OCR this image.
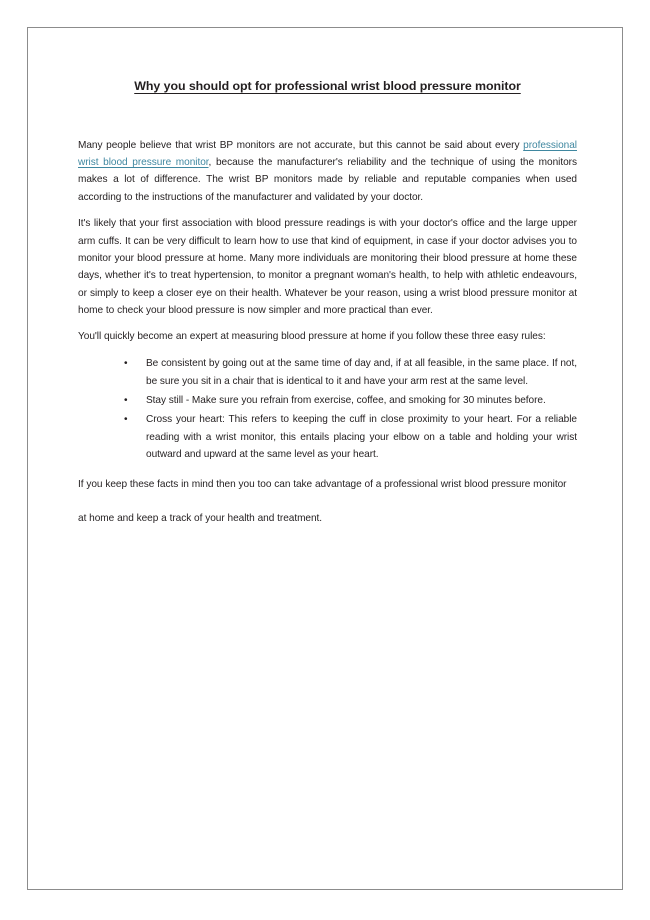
Why you should opt for professional wrist blood pressure monitor

Many people believe that wrist BP monitors are not accurate, but this cannot be said about every professional wrist blood pressure monitor, because the manufacturer's reliability and the technique of using the monitors makes a lot of difference. The wrist BP monitors made by reliable and reputable companies when used according to the instructions of the manufacturer and validated by your doctor.

It's likely that your first association with blood pressure readings is with your doctor's office and the large upper arm cuffs. It can be very difficult to learn how to use that kind of equipment, in case if your doctor advises you to monitor your blood pressure at home. Many more individuals are monitoring their blood pressure at home these days, whether it's to treat hypertension, to monitor a pregnant woman's health, to help with athletic endeavours, or simply to keep a closer eye on their health. Whatever be your reason, using a wrist blood pressure monitor at home to check your blood pressure is now simpler and more practical than ever.

You'll quickly become an expert at measuring blood pressure at home if you follow these three easy rules:

• Be consistent by going out at the same time of day and, if at all feasible, in the same place. If not, be sure you sit in a chair that is identical to it and have your arm rest at the same level.
• Stay still - Make sure you refrain from exercise, coffee, and smoking for 30 minutes before.
• Cross your heart: This refers to keeping the cuff in close proximity to your heart. For a reliable reading with a wrist monitor, this entails placing your elbow on a table and holding your wrist outward and upward at the same level as your heart.

If you keep these facts in mind then you too can take advantage of a professional wrist blood pressure monitor

at home and keep a track of your health and treatment.
